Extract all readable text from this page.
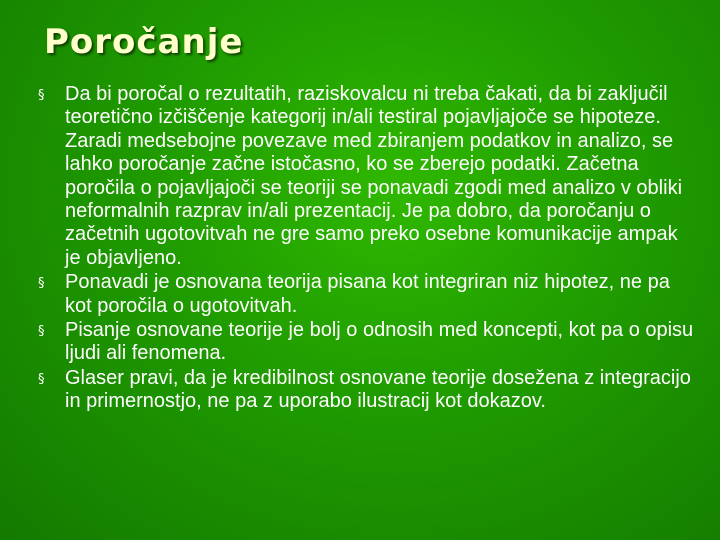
Poročanje
§ Da bi poročal o rezultatih, raziskovalcu ni treba čakati, da bi zaključil teoretično izčiščenje kategorij in/ali testiral pojavljajoče se hipoteze. Zaradi medsebojne povezave med zbiranjem podatkov in analizo, se lahko poročanje začne istočasno, ko se zberejo podatki. Začetna poročila o pojavljajoči se teoriji se ponavadi zgodi med analizo v obliki neformalnih razprav in/ali prezentacij. Je pa dobro, da poročanju o začetnih ugotovitvah ne gre samo preko osebne komunikacije ampak je objavljeno.
§ Ponavadi je osnovana teorija pisana kot integriran niz hipotez, ne pa kot poročila o ugotovitvah.
§ Pisanje osnovane teorije je bolj o odnosih med koncepti, kot pa o opisu ljudi ali fenomena.
§ Glaser pravi, da je kredibilnost osnovane teorije dosežena z integracijo in primernostjo, ne pa z uporabo ilustracij kot dokazov.
